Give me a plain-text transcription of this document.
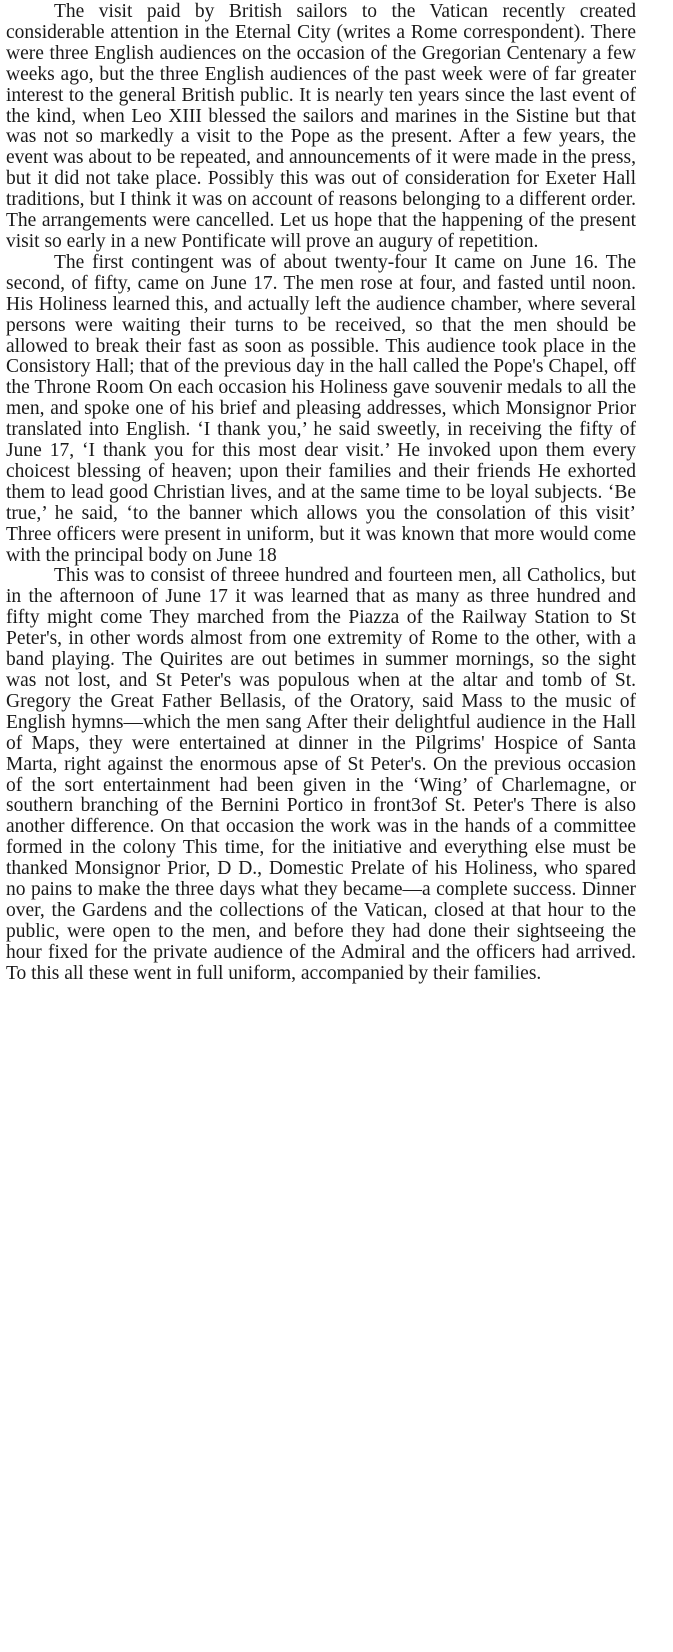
The visit paid by British sailors to the Vatican recently created considerable attention in the Eternal City (writes a Rome correspondent). There were three English audiences on the occasion of the Gregorian Centenary a few weeks ago, but the three English audiences of the past week were of far greater interest to the general British public. It is nearly ten years since the last event of the kind, when Leo XIII blessed the sailors and marines in the Sistine but that was not so markedly a visit to the Pope as the present. After a few years, the event was about to be repeated, and announcements of it were made in the press, but it did not take place. Possibly this was out of consideration for Exeter Hall traditions, but I think it was on account of reasons belonging to a different order. The arrangements were cancelled. Let us hope that the happening of the present visit so early in a new Pontificate will prove an augury of repetition.

The first contingent was of about twenty-four It came on June 16. The second, of fifty, came on June 17. The men rose at four, and fasted until noon. His Holiness learned this, and actually left the audience chamber, where several persons were waiting their turns to be received, so that the men should be allowed to break their fast as soon as possible. This audience took place in the Consistory Hall; that of the previous day in the hall called the Pope's Chapel, off the Throne Room On each occasion his Holiness gave souvenir medals to all the men, and spoke one of his brief and pleasing addresses, which Monsignor Prior translated into English. ‘I thank you,’ he said sweetly, in receiving the fifty of June 17, ‘I thank you for this most dear visit.’ He invoked upon them every choicest blessing of heaven; upon their families and their friends He exhorted them to lead good Christian lives, and at the same time to be loyal subjects. ‘Be true,’ he said, ‘to the banner which allows you the consolation of this visit’ Three officers were present in uniform, but it was known that more would come with the principal body on June 18

This was to consist of threee hundred and fourteen men, all Catholics, but in the afternoon of June 17 it was learned that as many as three hundred and fifty might come They marched from the Piazza of the Railway Station to St Peter's, in other words almost from one extremity of Rome to the other, with a band playing. The Quirites are out betimes in summer mornings, so the sight was not lost, and St Peter's was populous when at the altar and tomb of St. Gregory the Great Father Bellasis, of the Oratory, said Mass to the music of English hymns—which the men sang After their delightful audience in the Hall of Maps, they were entertained at dinner in the Pilgrims' Hospice of Santa Marta, right against the enormous apse of St Peter's. On the previous occasion of the sort entertainment had been given in the ‘Wing’ of Charlemagne, or southern branching of the Bernini Portico in front3of St. Peter's There is also another difference. On that occasion the work was in the hands of a committee formed in the colony This time, for the initiative and everything else must be thanked Monsignor Prior, D D., Domestic Prelate of his Holiness, who spared no pains to make the three days what they became—a complete success. Dinner over, the Gardens and the collections of the Vatican, closed at that hour to the public, were open to the men, and before they had done their sightseeing the hour fixed for the private audience of the Admiral and the officers had arrived. To this all these went in full uniform, accompanied by their families.
